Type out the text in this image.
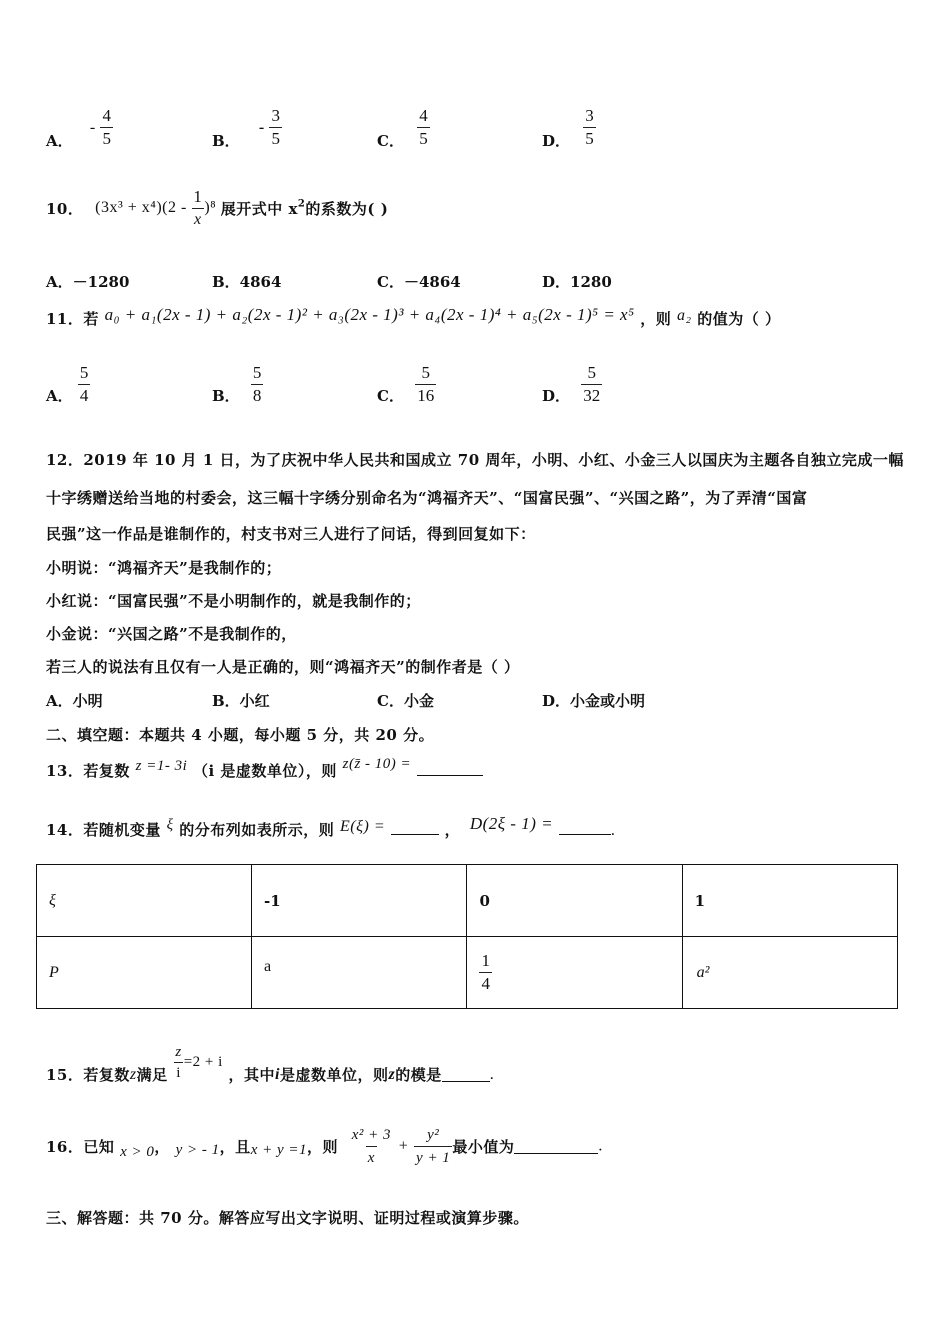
A． - $\frac{4}{5}$	B． - $\frac{3}{5}$	C． $\frac{4}{5}$	D． $\frac{3}{5}$
10． $(3x^3 + x^4)(2 - \frac{1}{x} )^8$ 展开式中 $x^2$的系数为( )
A．－1280	B．4864	C．－4864	D．1280
11．若 a₀ + a₁(2x - 1) + a₂(2x - 1)² + a₃(2x - 1)³ + a₄(2x - 1)⁴ + a₅(2x - 1)⁵ = x⁵ ，则 a₂ 的值为（ ）
A． $\frac{5}{4}$	B． $\frac{5}{8}$	C． $\frac{5}{16}$	D． $\frac{5}{32}$
12．2019 年 10 月 1 日，为了庆祝中华人民共和国成立 70 周年，小明、小红、小金三人以国庆为主题各自独立完成一幅
十字绣赠送给当地的村委会，这三幅十字绣分别命名为“鸿福齐天”、“国富民强”、“兴国之路”，为了弄清“国富
民强”这一作品是谁制作的，村支书对三人进行了问话，得到回复如下：
小明说：“鸿福齐天”是我制作的；
小红说：“国富民强”不是小明制作的，就是我制作的；
小金说：“兴国之路”不是我制作的，
若三人的说法有且仅有一人是正确的，则“鸿福齐天”的制作者是（ ）
A．小明	B．小红	C．小金	D．小金或小明
二、填空题：本题共 4 小题，每小题 5 分，共 20 分。
13．若复数 z =1- 3i （i 是虚数单位），则 z(z̄ - 10) =
14．若随机变量 ξ 的分布列如表所示，则 E(ξ) =	， D(2ξ - 1) =	.
ξ	-1	0	1
P	a	$\frac{1}{4}$	a²
15．若复数z满足 $\frac{z}{i} =2 + i$ ，其中i是虚数单位，则z的模是	.
16．已知 x > 0， y > - 1，且x + y =1，则 $\frac{\text{x² + 3}}{x} + \frac{\text{y²}}{y + 1}$ 最小值为	.
三、解答题：共 70 分。解答应写出文字说明、证明过程或演算步骤。
